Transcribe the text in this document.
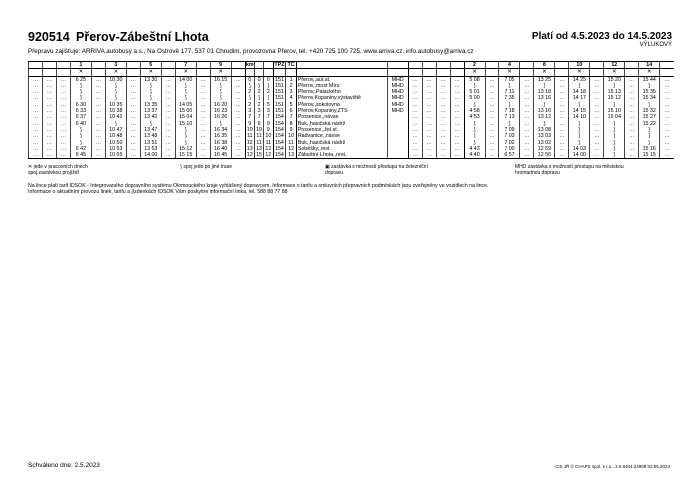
920514 Přerov-Zábeštní Lhota	Platí od 4.5.2023 do 14.5.2023
VÝLUKOVÝ
Přepravu zajišťuje: ARRIVA autobusy a.s., Na Ostrově 177, 537 01 Chrudim, provozovna Přerov, tel. +420 725 100 725, www.arriva.cz, info.autobusy@arriva.cz
			1		3		5		7		9		km			TPZ	TČ							2		4		8		10		12		14	
			✕		✕		✕		✕		✕													✕		✕		✕		✕		✕		✕	
…	…	…	6 25	…	10 30	…	13 30	…	14 00	…	16 15	…	0	0	0	151	1	Přerov,,aut.st.	MHD	…	…	…	…	5 08	…	7 05	…	13 25	…	14 25	…	15 20	…	15 44	…
…	…	…	⟆	…	⟆	…	⟆	…	⟆	…	⟆	…	⟆	⟆	⟆	151	2	Přerov,,most Míru	MHD	…	…	…	…	⟆	…	⟆	…	⟆	…	⟆	…	⟆	…	⟆	…
…	…	…	⟆	…	⟆	…	⟆	…	⟆	…	⟆	…	2	2	2	151	3	Přerov,,Palackého	MHD	…	…	…	…	5 01	…	7 11	…	13 18	…	14 18	…	15 13	…	15 35	…
…	…	…	⟆	…	⟆	…	⟆	…	⟆	…	⟆	…	⟆	⟆	⟆	151	4	Přerov,Kopaniny,výstaviště	MHD	…	…	…	…	5 00	…	7 35	…	13 16	…	14 17	…	15 12	…	15 34	…
…	…	…	6 30	…	10 35	…	13 35	…	14 05	…	16 20	…	2	2	5	151	5	Přerov,,sokolovna	MHD	…	…	…	…	⟆	…	⟆	…	⟆	…	⟆	…	⟆	…	⟆	…
…	…	…	6 33	…	10 38	…	13 37	…	15 00	…	16 23	…	3	3	3	151	6	Přerov,Kopaniny,ZTŠ	MHD	…	…	…	…	4 58	…	7 18	…	13 16	…	14 15	…	15 10	…	15 32	…
…	…	…	6 37	…	10 42	…	13 42	…	15 04	…	16 26	…	7	7	7	154	7	Prosenice,,návse		…	…	…	…	4 53	…	7 13	…	13 12	…	14 10	…	15 04	…	15 27	…
…	…	…	6 40	…	⟆	…	⟆	…	15 10	…	⟆	…	9	9	9	154	8	Buk,,hasičská nádrž		…	…	…	…	⟆	…	⟆	…	⟆	…	⟆	…	⟆	…	15 22	…
…	…	…	⟆	…	10 47	…	13 47	…	⟆	…	16 34	…	10	10	9	154	9	Prosenice,,žel.st.		…	…	…	…	⟆	…	7 09	…	13 08	…	⟆	…	⟆	…	⟆	…
…	…	…	⟆	…	10 48	…	13 48	…	⟆	…	16 35	…	11	11	10	154	10	Radvanice,,návse		…	…	…	…	⟆	…	7 03	…	13 03	…	⟆	…	⟆	…	⟆	…
…	…	…	⟆	…	10 50	…	13 51	…	⟆	…	16 38	…	12	11	11	154	11	Buk,,hasičská nádrž		…	…	…	…	⟆	…	7 02	…	13 02	…	⟆	…	⟆	…	⟆	…
…	…	…	6 42	…	10 53	…	13 53	…	15 12	…	16 40	…	13	13	12	154	12	Soběšky,,rest.		…	…	…	…	4 43	…	7 00	…	12 59	…	14 03	…	⟆	…	15 16	…
…	…	…	6 45	…	10 55	…	14 00	…	15 15	…	16 45	…	12	15	12	154	13	Zábeštní Lhota,,rest.		…	…	…	…	4 40	…	6 57	…	12 56	…	14 00	…	⟆	…	15 15	…
✕ jede v pracovních dnech
spoj zastávkou projíždí
⟆ spoj jede po jiné trase	▣ zastávka s možností přestupu na železniční dopravu
MHD zastávka s možností přestupu na městskou hromadnou dopravu
Na lince platí tarif IDSOK - Integrovaného dopravního systému Olomouckého kraje vyhlášený dopravcem. Informace o tarifu a smluvních přepravních podmínkách jsou zveřejněny ve vozidlech na lince.
Informace o aktuálním provozu linek, tarifu a jízdenkách IDSOK Vám poskytne informační linka, tel. 588 88 77 88
Schváleno dne: 2.5.2023	CIS JŘ © CHAPS spol. s r.o., 3.0.8404.24909 02.05.2023
